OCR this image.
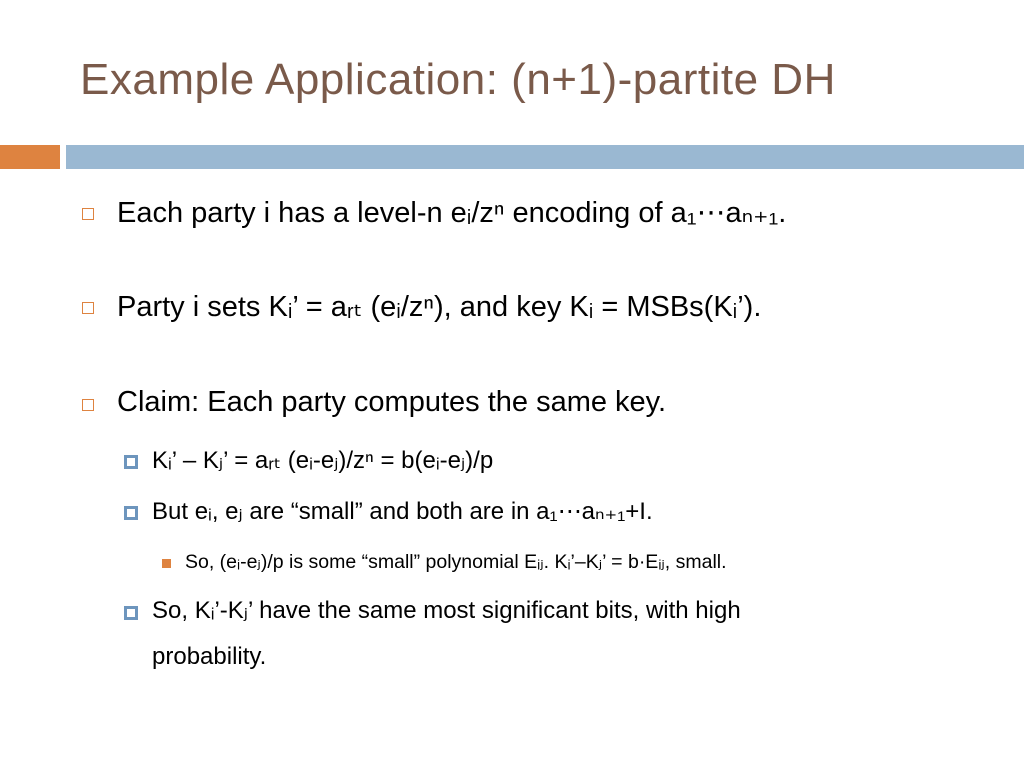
Example Application: (n+1)-partite DH
Each party i has a level-n eᵢ/zⁿ encoding of a₁⋯aₙ₊₁.
Party i sets Kᵢ’ = aᵣₜ (eᵢ/zⁿ), and key Kᵢ = MSBs(Kᵢ’).
Claim: Each party computes the same key.
Kᵢ’ – Kⱼ’ = aᵣₜ (eᵢ-eⱼ)/zⁿ = b(eᵢ-eⱼ)/p
But eᵢ, eⱼ are “small” and both are in a₁⋯aₙ₊₁+I.
So, (eᵢ-eⱼ)/p is some “small” polynomial Eᵢⱼ. Kᵢ’–Kⱼ’ = b·Eᵢⱼ, small.
So, Kᵢ’-Kⱼ’ have the same most significant bits, with high
probability.
